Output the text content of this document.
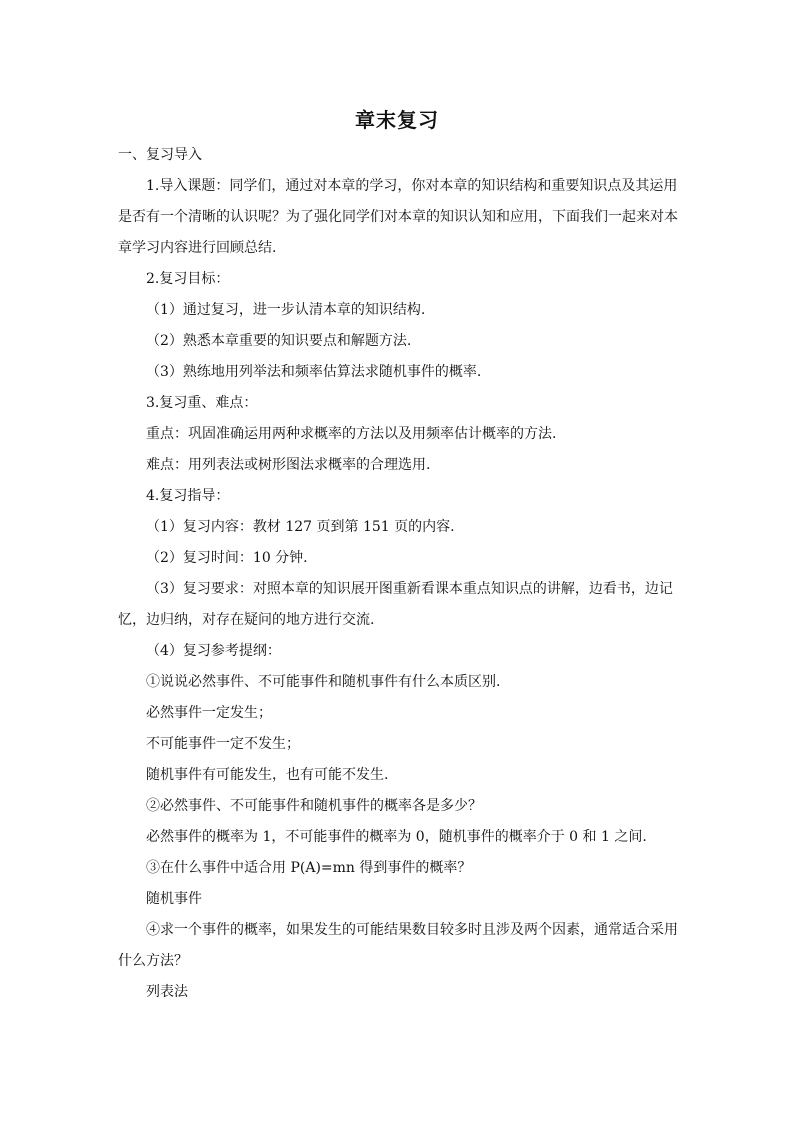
章末复习
一、复习导入
1.导入课题：同学们，通过对本章的学习，你对本章的知识结构和重要知识点及其运用
是否有一个清晰的认识呢？为了强化同学们对本章的知识认知和应用，下面我们一起来对本
章学习内容进行回顾总结.
2.复习目标：
（1）通过复习，进一步认清本章的知识结构.
（2）熟悉本章重要的知识要点和解题方法.
（3）熟练地用列举法和频率估算法求随机事件的概率.
3.复习重、难点：
重点：巩固准确运用两种求概率的方法以及用频率估计概率的方法.
难点：用列表法或树形图法求概率的合理选用.
4.复习指导：
（1）复习内容：教材 127 页到第 151 页的内容.
（2）复习时间：10 分钟.
（3）复习要求：对照本章的知识展开图重新看课本重点知识点的讲解，边看书，边记
忆，边归纳，对存在疑问的地方进行交流.
（4）复习参考提纲：
①说说必然事件、不可能事件和随机事件有什么本质区别.
必然事件一定发生；
不可能事件一定不发生；
随机事件有可能发生，也有可能不发生.
②必然事件、不可能事件和随机事件的概率各是多少？
必然事件的概率为 1，不可能事件的概率为 0，随机事件的概率介于 0 和 1 之间.
③在什么事件中适合用 P(A)=mn 得到事件的概率？
随机事件
④求一个事件的概率，如果发生的可能结果数目较多时且涉及两个因素，通常适合采用
什么方法？
列表法
